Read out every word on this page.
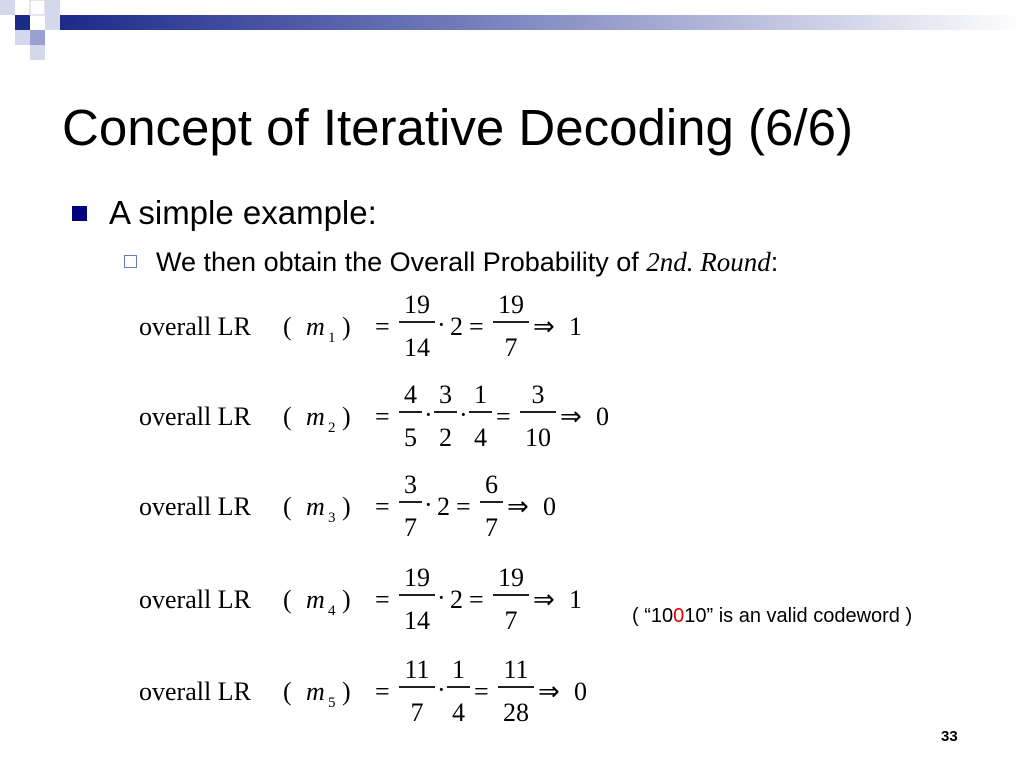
Concept of Iterative Decoding (6/6)
A simple example:
We then obtain the Overall Probability of 2nd. Round:
overall LR ( m 1 ) =
19
14
· 2 =
19
7
⇒ 1
overall LR ( m 2 ) =
4
5
·
3
2
·
1
4
=
3
10
⇒ 0
overall LR ( m 3 ) =
3
7
· 2 =
6
7
⇒ 0
overall LR ( m 4 ) =
19
14
· 2 =
19
7
⇒ 1
overall LR ( m 5 ) =
11
7
·
1
4
=
11
28
⇒ 0
( “10010” is an valid codeword )
33
